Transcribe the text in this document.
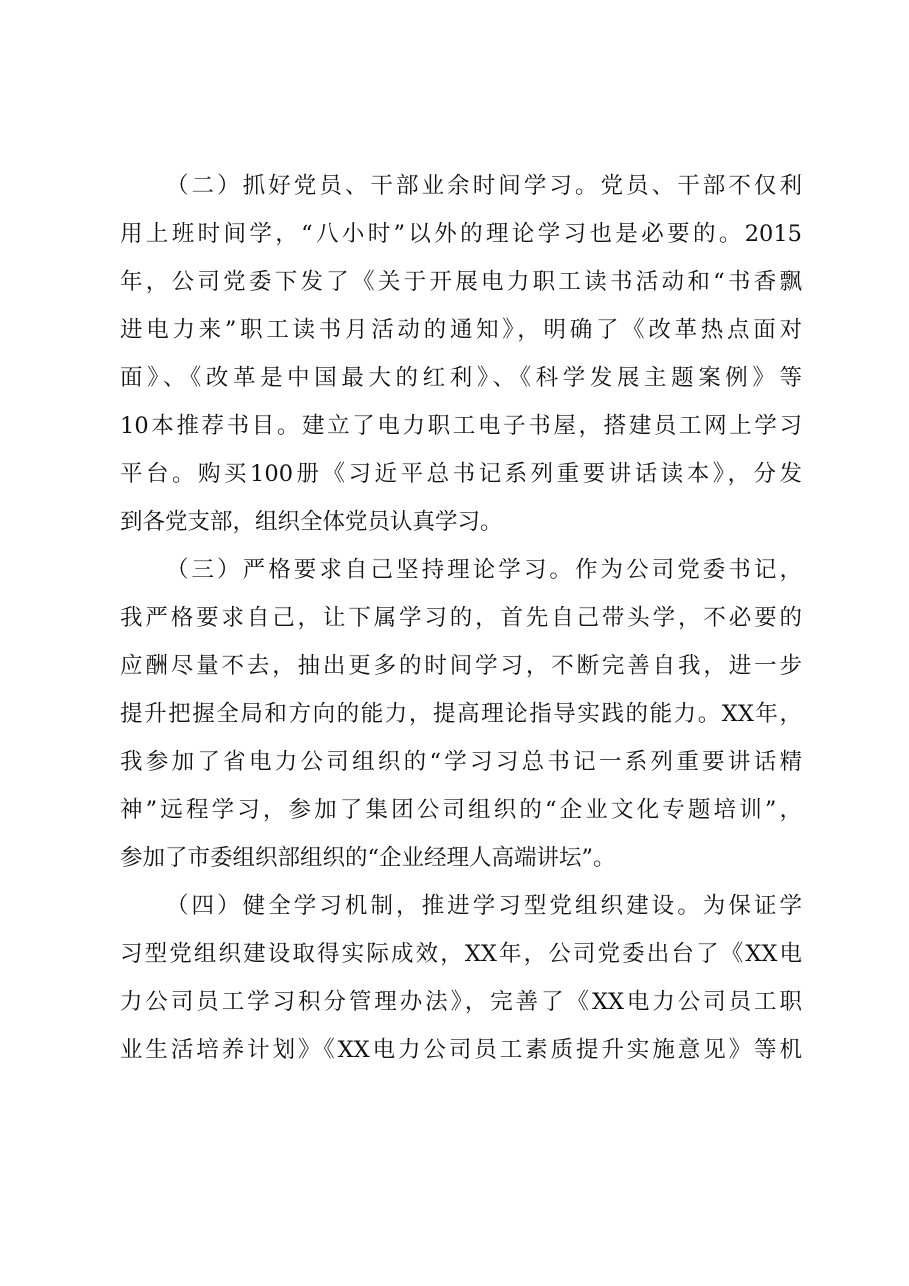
（二）抓好党员、干部业余时间学习。党员、干部不仅利
用上班时间学，“八小时”以外的理论学习也是必要的。2015
年，公司党委下发了《关于开展电力职工读书活动和“书香飘
进电力来”职工读书月活动的通知》，明确了《改革热点面对
面》、《改革是中国最大的红利》、《科学发展主题案例》等
10本推荐书目。建立了电力职工电子书屋，搭建员工网上学习
平台。购买100册《习近平总书记系列重要讲话读本》，分发
到各党支部，组织全体党员认真学习。
（三）严格要求自己坚持理论学习。作为公司党委书记，
我严格要求自己，让下属学习的，首先自己带头学，不必要的
应酬尽量不去，抽出更多的时间学习，不断完善自我，进一步
提升把握全局和方向的能力，提高理论指导实践的能力。XX年，
我参加了省电力公司组织的“学习习总书记一系列重要讲话精
神”远程学习，参加了集团公司组织的“企业文化专题培训”，
参加了市委组织部组织的“企业经理人高端讲坛”。
（四）健全学习机制，推进学习型党组织建设。为保证学
习型党组织建设取得实际成效，XX年，公司党委出台了《XX电
力公司员工学习积分管理办法》，完善了《XX电力公司员工职
业生活培养计划》《XX电力公司员工素质提升实施意见》等机
